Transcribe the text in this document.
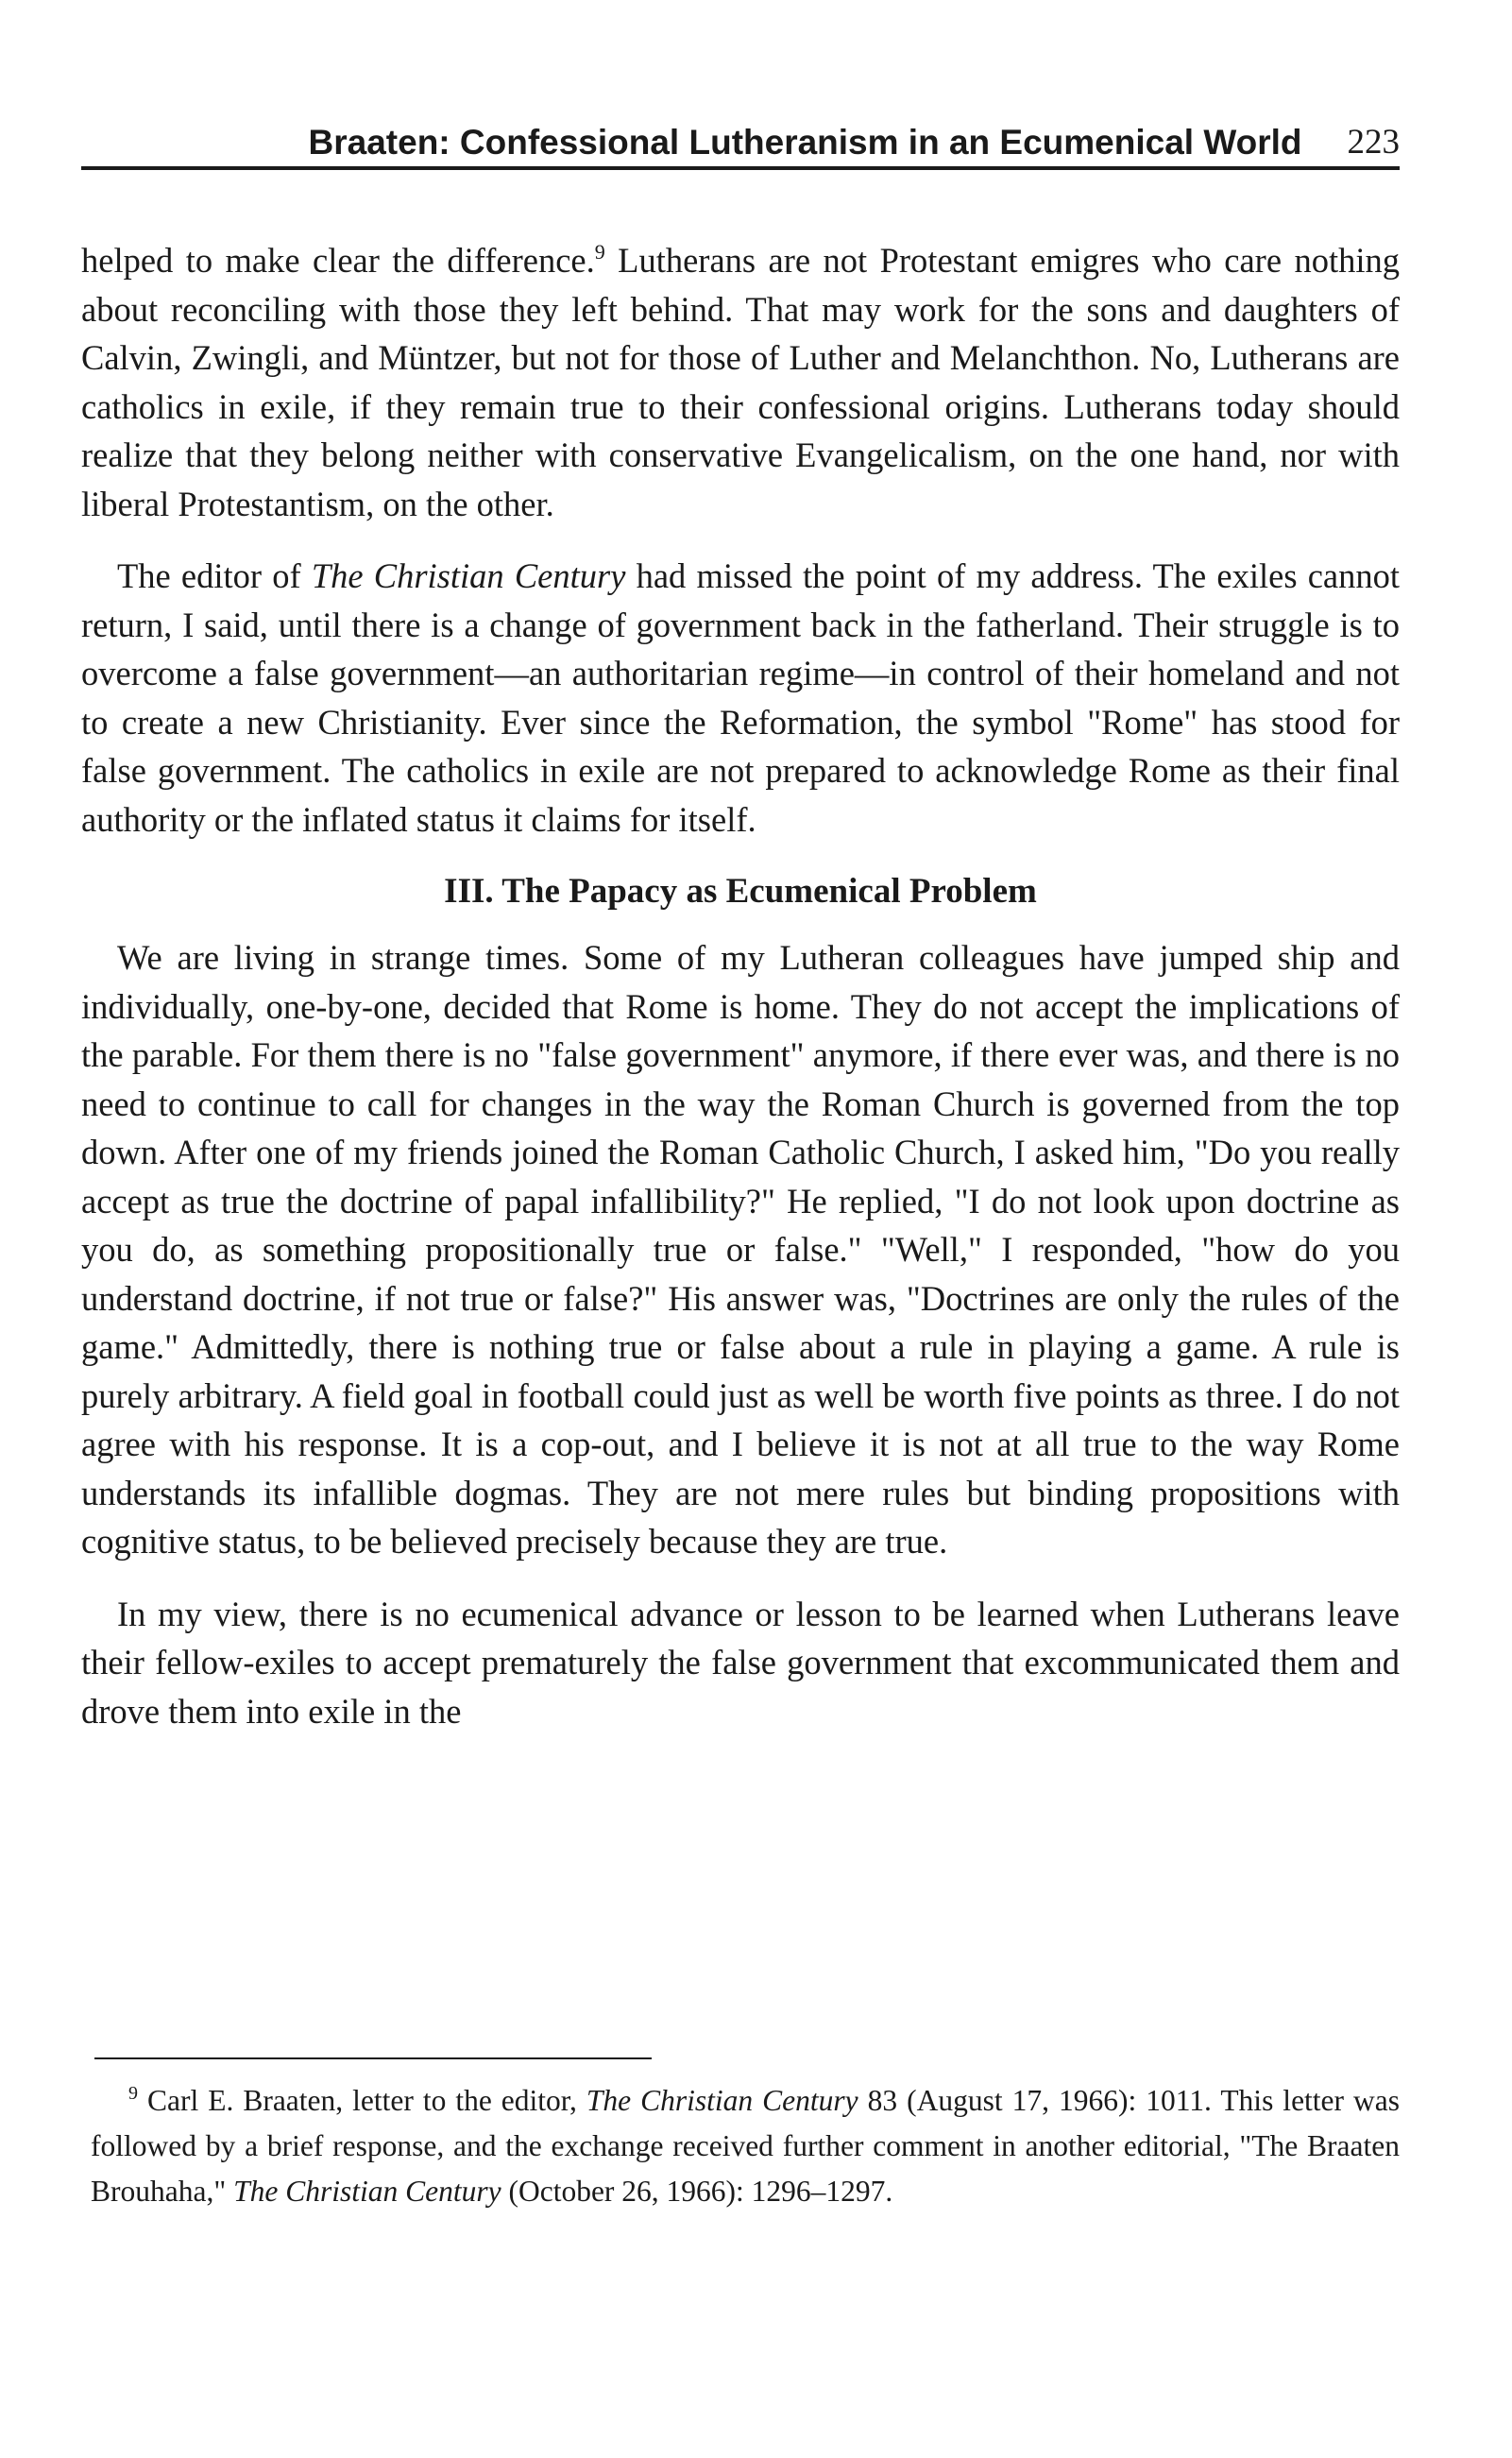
Braaten: Confessional Lutheranism in an Ecumenical World 223

helped to make clear the difference.$^9$ Lutherans are not Protestant emigres who care nothing about reconciling with those they left behind. That may work for the sons and daughters of Calvin, Zwingli, and Müntzer, but not for those of Luther and Melanchthon. No, Lutherans are catholics in exile, if they remain true to their confessional origins. Lutherans today should realize that they belong neither with conservative Evangelicalism, on the one hand, nor with liberal Protestantism, on the other.

The editor of The Christian Century had missed the point of my address. The exiles cannot return, I said, until there is a change of government back in the fatherland. Their struggle is to overcome a false government—an authoritarian regime—in control of their homeland and not to create a new Christianity. Ever since the Reformation, the symbol "Rome" has stood for false government. The catholics in exile are not prepared to acknowledge Rome as their final authority or the inflated status it claims for itself.

III. The Papacy as Ecumenical Problem

We are living in strange times. Some of my Lutheran colleagues have jumped ship and individually, one-by-one, decided that Rome is home. They do not accept the implications of the parable. For them there is no "false government" anymore, if there ever was, and there is no need to continue to call for changes in the way the Roman Church is governed from the top down. After one of my friends joined the Roman Catholic Church, I asked him, "Do you really accept as true the doctrine of papal infallibility?" He replied, "I do not look upon doctrine as you do, as something propositionally true or false." "Well," I responded, "how do you understand doctrine, if not true or false?" His answer was, "Doctrines are only the rules of the game." Admittedly, there is nothing true or false about a rule in playing a game. A rule is purely arbitrary. A field goal in football could just as well be worth five points as three. I do not agree with his response. It is a cop-out, and I believe it is not at all true to the way Rome understands its infallible dogmas. They are not mere rules but binding propositions with cognitive status, to be believed precisely because they are true.

In my view, there is no ecumenical advance or lesson to be learned when Lutherans leave their fellow-exiles to accept prematurely the false government that excommunicated them and drove them into exile in the

$^9$ Carl E. Braaten, letter to the editor, The Christian Century 83 (August 17, 1966): 1011. This letter was followed by a brief response, and the exchange received further comment in another editorial, "The Braaten Brouhaha," The Christian Century (October 26, 1966): 1296–1297.
